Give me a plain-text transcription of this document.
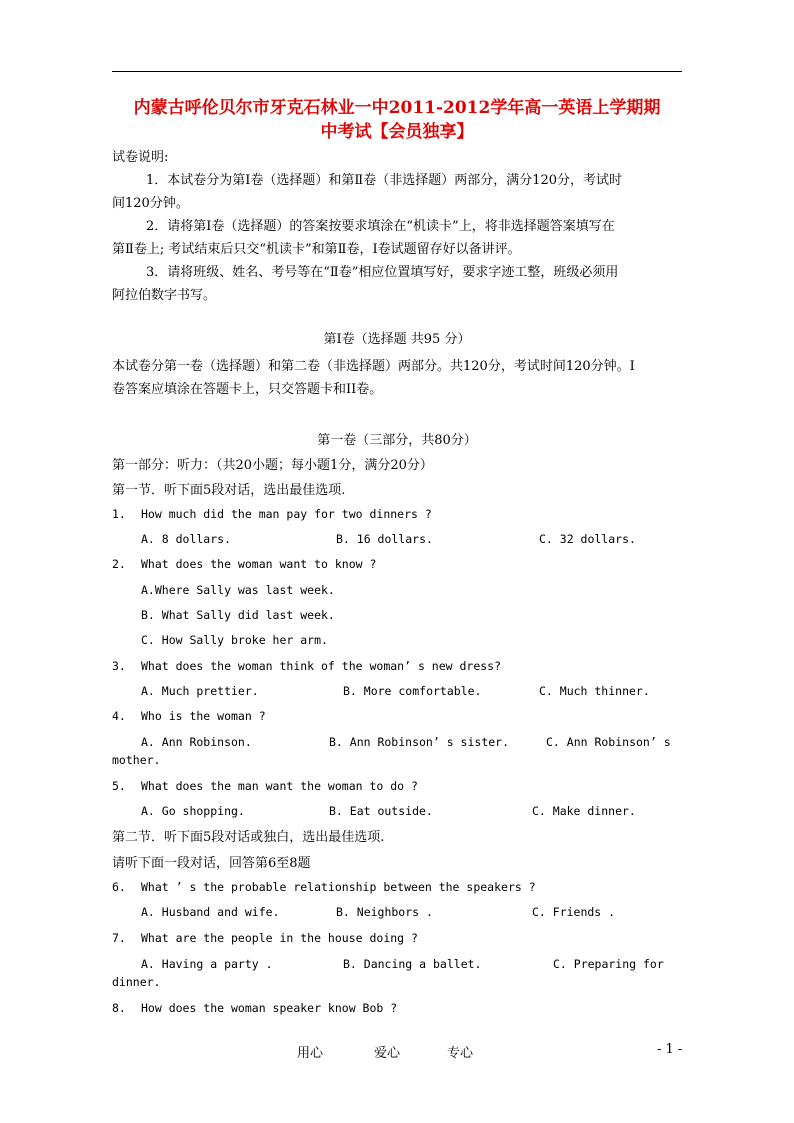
内蒙古呼伦贝尔市牙克石林业一中2011-2012学年高一英语上学期期
中考试【会员独享】
试卷说明:
1．本试卷分为第Ⅰ卷（选择题）和第Ⅱ卷（非选择题）两部分，满分120分，考试时
间120分钟。
2．请将第Ⅰ卷（选择题）的答案按要求填涂在“机读卡”上，将非选择题答案填写在
第Ⅱ卷上; 考试结束后只交“机读卡”和第Ⅱ卷，Ⅰ卷试题留存好以备讲评。
3．请将班级、姓名、考号等在“Ⅱ卷”相应位置填写好，要求字迹工整，班级必须用
阿拉伯数字书写。
第Ⅰ卷（选择题 共95 分）
本试卷分第一卷（选择题）和第二卷（非选择题）两部分。共120分，考试时间120分钟。I
卷答案应填涂在答题卡上，只交答题卡和II卷。
第一卷（三部分，共80分）
第一部分：听力：（共20小题；每小题1分，满分20分）
第一节．听下面5段对话，选出最佳选项.
1. How much did the man pay for two dinners ?
A. 8 dollars.	B. 16 dollars.	C. 32 dollars.
2. What does the woman want to know ?
A.Where Sally was last week.
B. What Sally did last week.
C. How Sally broke her arm.
3. What does the woman think of the woman’ s new dress?
A. Much prettier.	B. More comfortable.	C. Much thinner.
4. Who is the woman ?
A. Ann Robinson.	B. Ann Robinson’ s sister.	C. Ann Robinson’ s
mother.
5. What does the man want the woman to do ?
A. Go shopping.	B. Eat outside.	C. Make dinner.
第二节．听下面5段对话或独白，选出最佳选项.
请听下面一段对话，回答第6至8题
6. What ’ s the probable relationship between the speakers ?
A. Husband and wife.	B. Neighbors .	C. Friends .
7. What are the people in the house doing ?
A. Having a party .	B. Dancing a ballet.	C. Preparing for
dinner.
8. How does the woman speaker know Bob ?
用心	爱心	专心	- 1 -
